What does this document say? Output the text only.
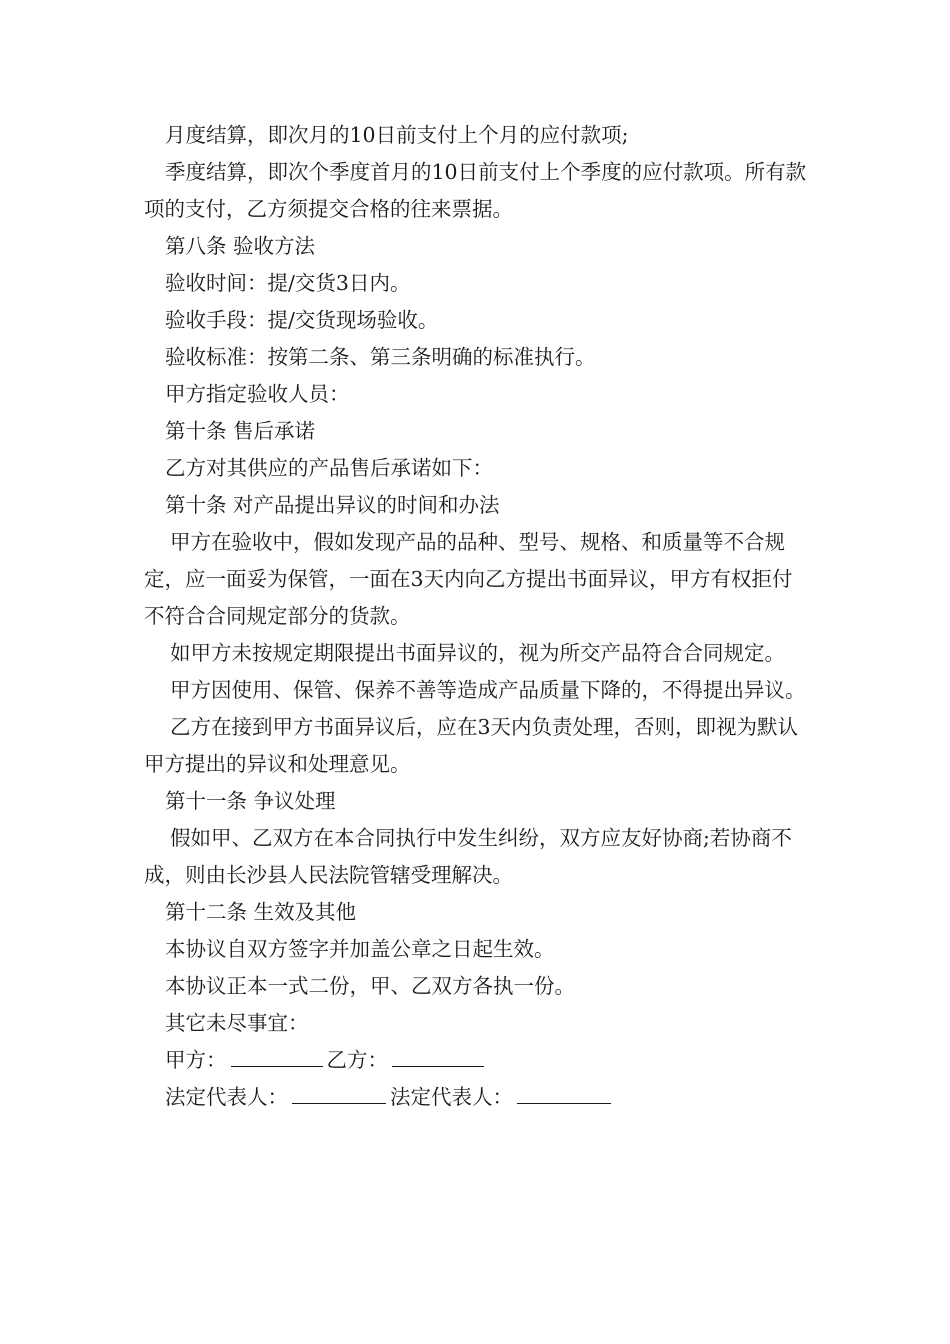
月度结算，即次月的10日前支付上个月的应付款项;

季度结算，即次个季度首月的10日前支付上个季度的应付款项。所有款项的支付，乙方须提交合格的往来票据。

第八条 验收方法

验收时间：提/交货3日内。

验收手段：提/交货现场验收。

验收标准：按第二条、第三条明确的标准执行。

甲方指定验收人员：

第十条 售后承诺

乙方对其供应的产品售后承诺如下：

第十条 对产品提出异议的时间和办法

甲方在验收中，假如发现产品的品种、型号、规格、和质量等不合规定，应一面妥为保管，一面在3天内向乙方提出书面异议，甲方有权拒付不符合合同规定部分的货款。

如甲方未按规定期限提出书面异议的，视为所交产品符合合同规定。

甲方因使用、保管、保养不善等造成产品质量下降的，不得提出异议。

乙方在接到甲方书面异议后，应在3天内负责处理，否则，即视为默认甲方提出的异议和处理意见。

第十一条 争议处理

假如甲、乙双方在本合同执行中发生纠纷，双方应友好协商;若协商不成，则由长沙县人民法院管辖受理解决。

第十二条 生效及其他

本协议自双方签字并加盖公章之日起生效。

本协议正本一式二份，甲、乙双方各执一份。

其它未尽事宜：

甲方：	乙方：

法定代表人：	法定代表人：
